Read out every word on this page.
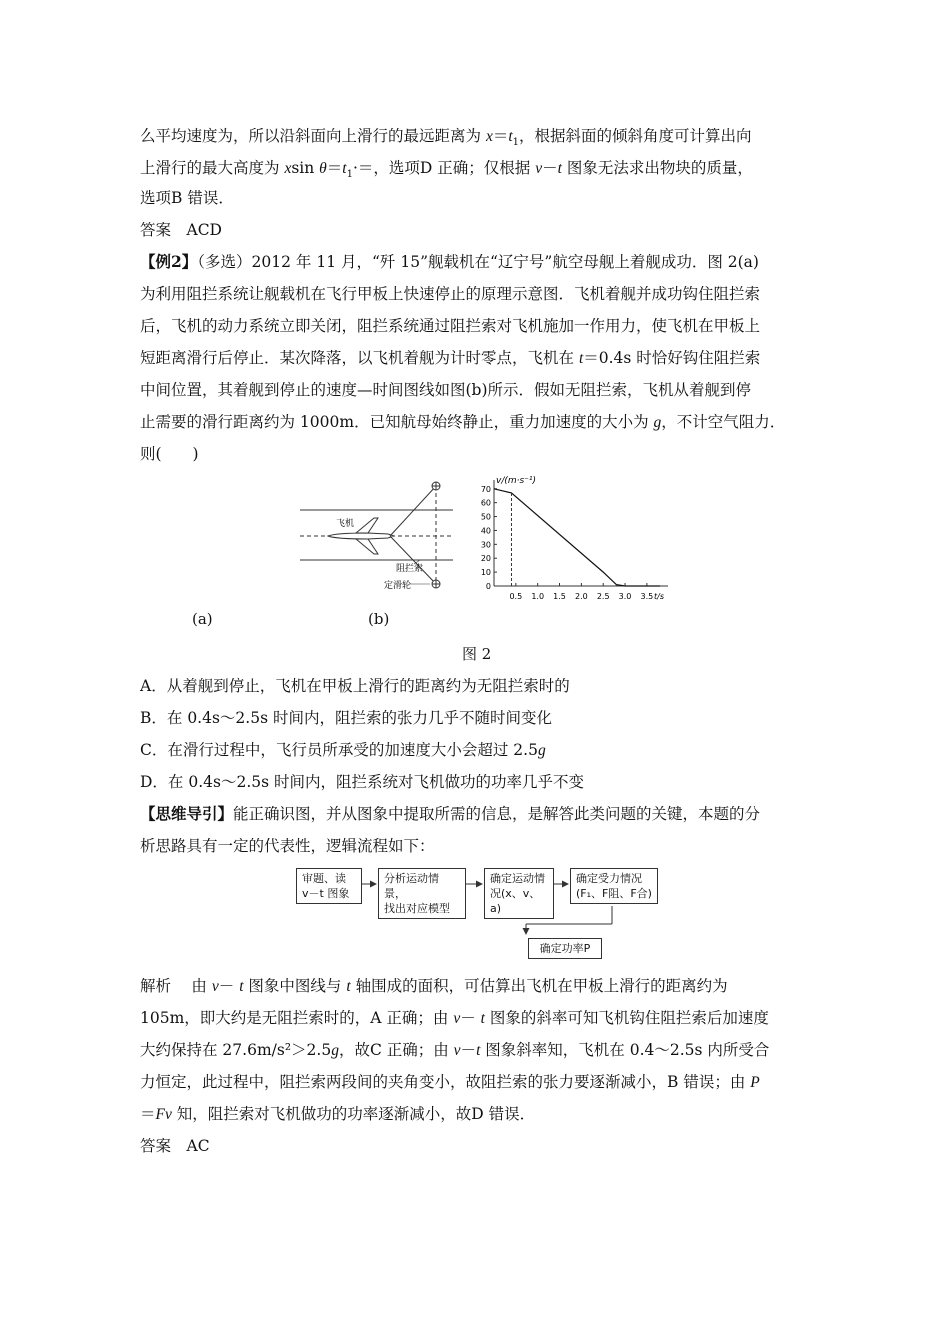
么平均速度为，所以沿斜面向上滑行的最远距离为 $x=t_1$，根据斜面的倾斜角度可计算出向
上滑行的最大高度为 xsin $\theta=t_1\cdot=$，选项D 正确；仅根据 v－t 图象无法求出物块的质量，
选项B 错误．
答案　ACD
【例2】（多选）2012 年 11 月，“歼 15”舰载机在“辽宁号”航空母舰上着舰成功．图 2(a)
为利用阻拦系统让舰载机在飞行甲板上快速停止的原理示意图．飞机着舰并成功钩住阻拦索
后，飞机的动力系统立即关闭，阻拦系统通过阻拦索对飞机施加一作用力，使飞机在甲板上
短距离滑行后停止．某次降落，以飞机着舰为计时零点，飞机在 t＝0.4s 时恰好钩住阻拦索
中间位置，其着舰到停止的速度—时间图线如图(b)所示．假如无阻拦索，飞机从着舰到停
止需要的滑行距离约为 1000m．已知航母始终静止，重力加速度的大小为 g，不计空气阻力．
则(　　)
飞机
阻拦索
定滑轮
v/(m·s⁻¹)
t/s
0
10
20
30
40
50
60
70
0.5 1.0 1.5 2.0 2.5 3.0 3.5
(a)	(b)
图 2
A．从着舰到停止，飞机在甲板上滑行的距离约为无阻拦索时的
B．在 0.4s～2.5s 时间内，阻拦索的张力几乎不随时间变化
C．在滑行过程中，飞行员所承受的加速度大小会超过 2.5g
D．在 0.4s～2.5s 时间内，阻拦系统对飞机做功的功率几乎不变
【思维导引】能正确识图，并从图象中提取所需的信息，是解答此类问题的关键，本题的分
析思路具有一定的代表性，逻辑流程如下：
审题、读
v－t 图象
分析运动情景，
找出对应模型
确定运动情
况(x、v、a)
确定受力情况
(F₁、F阻、F合)
确定功率P
解析　 由 v－ t 图象中图线与 t 轴围成的面积，可估算出飞机在甲板上滑行的距离约为
105m，即大约是无阻拦索时的，A 正确；由 v－ t 图象的斜率可知飞机钩住阻拦索后加速度
大约保持在 27.6m/s²＞2.5g，故C 正确；由 v－t 图象斜率知，飞机在 0.4～2.5s 内所受合
力恒定，此过程中，阻拦索两段间的夹角变小，故阻拦索的张力要逐渐减小，B 错误；由 P
＝Fv 知，阻拦索对飞机做功的功率逐渐减小，故D 错误．
答案　AC
